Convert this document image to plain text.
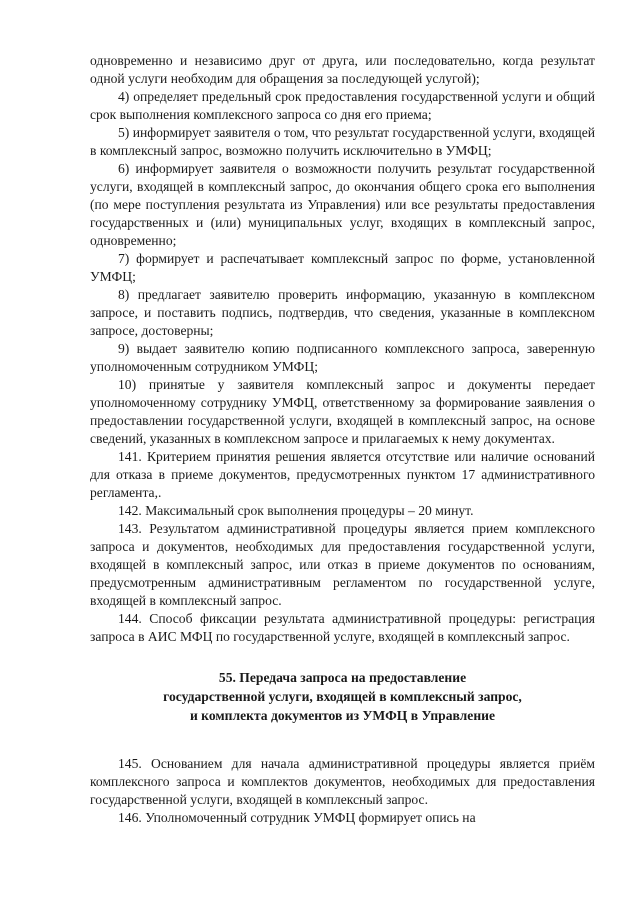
одновременно и независимо друг от друга, или последовательно, когда результат одной услуги необходим для обращения за последующей услугой);

4) определяет предельный срок предоставления государственной услуги и общий срок выполнения комплексного запроса со дня его приема;

5) информирует заявителя о том, что результат государственной услуги, входящей в комплексный запрос, возможно получить исключительно в УМФЦ;

6) информирует заявителя о возможности получить результат государственной услуги, входящей в комплексный запрос, до окончания общего срока его выполнения (по мере поступления результата из Управления) или все результаты предоставления государственных и (или) муниципальных услуг, входящих в комплексный запрос, одновременно;

7) формирует и распечатывает комплексный запрос по форме, установленной УМФЦ;

8) предлагает заявителю проверить информацию, указанную в комплексном запросе, и поставить подпись, подтвердив, что сведения, указанные в комплексном запросе, достоверны;

9) выдает заявителю копию подписанного комплексного запроса, заверенную уполномоченным сотрудником УМФЦ;

10) принятые у заявителя комплексный запрос и документы передает уполномоченному сотруднику УМФЦ, ответственному за формирование заявления о предоставлении государственной услуги, входящей в комплексный запрос, на основе сведений, указанных в комплексном запросе и прилагаемых к нему документах.

141. Критерием принятия решения является отсутствие или наличие оснований для отказа в приеме документов, предусмотренных пунктом 17 административного регламента,.

142. Максимальный срок выполнения процедуры – 20 минут.

143. Результатом административной процедуры является прием комплексного запроса и документов, необходимых для предоставления государственной услуги, входящей в комплексный запрос, или отказ в приеме документов по основаниям, предусмотренным административным регламентом по государственной услуге, входящей в комплексный запрос.

144. Способ фиксации результата административной процедуры: регистрация запроса в АИС МФЦ по государственной услуге, входящей в комплексный запрос.

55. Передача запроса на предоставление
государственной услуги, входящей в комплексный запрос,
и комплекта документов из УМФЦ в Управление

145. Основанием для начала административной процедуры является приём комплексного запроса и комплектов документов, необходимых для предоставления государственной услуги, входящей в комплексный запрос.

146. Уполномоченный сотрудник УМФЦ формирует опись на
